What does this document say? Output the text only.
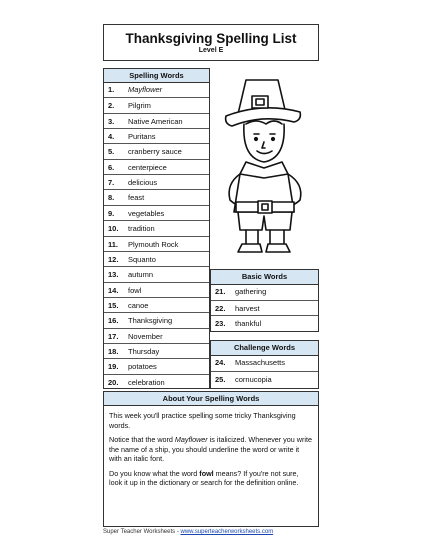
Thanksgiving Spelling List
Level E
Spelling Words
1. Mayflower
2. Pilgrim
3. Native American
4. Puritans
5. cranberry sauce
6. centerpiece
7. delicious
8. feast
9. vegetables
10. tradition
11. Plymouth Rock
12. Squanto
13. autumn
14. fowl
15. canoe
16. Thanksgiving
17. November
18. Thursday
19. potatoes
20. celebration
Basic Words
21. gathering
22. harvest
23. thankful
Challenge Words
24. Massachusetts
25. cornucopia
About Your Spelling Words

This week you'll practice spelling some tricky Thanksgiving words.

Notice that the word Mayflower is italicized. Whenever you write the name of a ship, you should underline the word or write it with an italic font.

Do you know what the word fowl means? If you're not sure, look it up in the dictionary or search for the definition online.

Super Teacher Worksheets - www.superteacherworksheets.com
